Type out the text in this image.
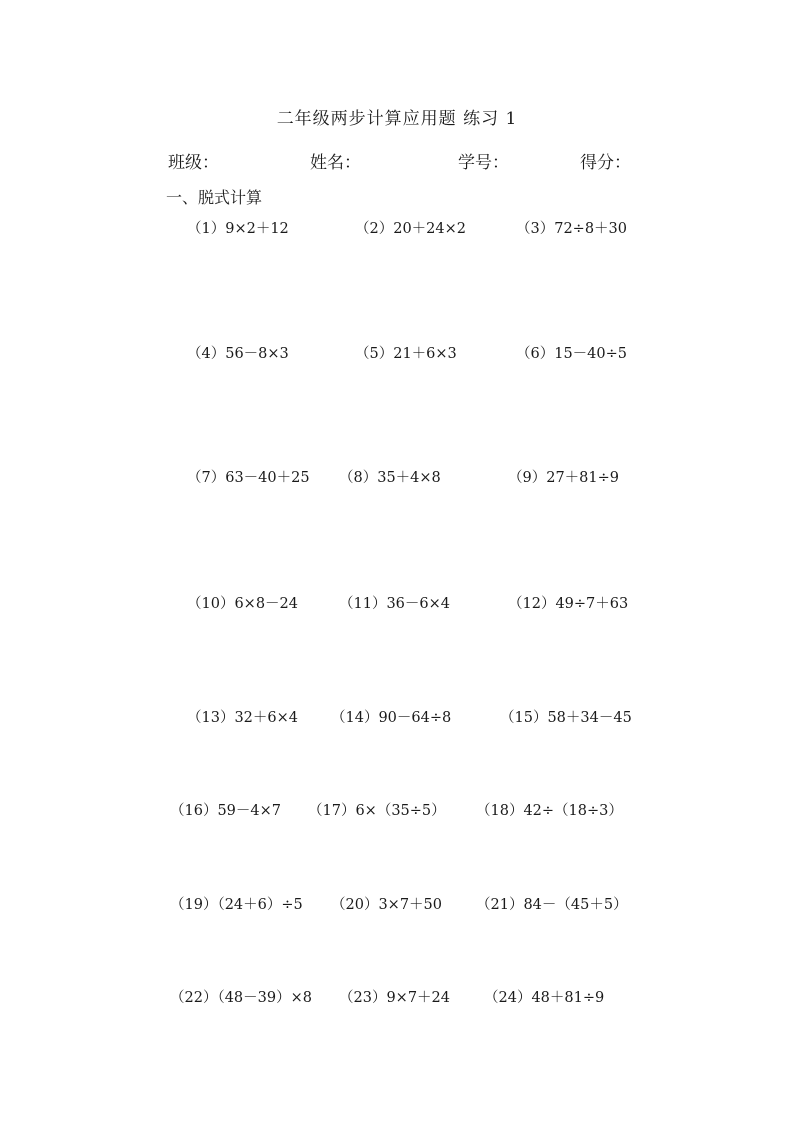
二年级两步计算应用题 练习 1
班级：	姓名：	学号：	得分：
一、脱式计算
（1）9×2＋12	（2）20＋24×2	（3）72÷8＋30
（4）56－8×3	（5）21＋6×3	（6）15－40÷5
（7）63－40＋25 （8）35＋4×8	（9）27＋81÷9
（10）6×8－24	（11）36－6×4	（12）49÷7＋63
（13）32＋6×4 （14）90－64÷8	（15）58＋34－45
（16）59－4×7 （17）6×（35÷5） （18）42÷（18÷3）
（19）（24＋6）÷5 （20）3×7＋50 （21）84－（45＋5）
（22）（48－39）×8 （23）9×7＋24 （24）48＋81÷9
